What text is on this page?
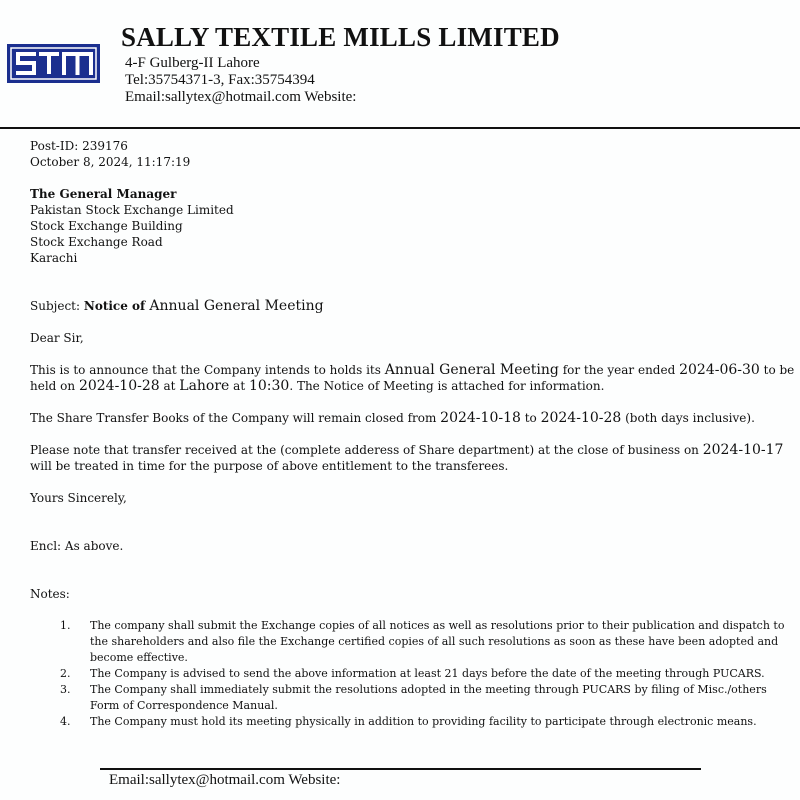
SALLY TEXTILE MILLS LIMITED
4-F Gulberg-II Lahore
Tel:35754371-3, Fax:35754394
Email:sallytex@hotmail.com Website:

Post-ID: 239176

October 8, 2024, 11:17:19

The General Manager

Pakistan Stock Exchange Limited

Stock Exchange Building

Stock Exchange Road

Karachi

Subject: Notice of Annual General Meeting

Dear Sir,

This is to announce that the Company intends to holds its Annual General Meeting for the year ended 2024-06-30 to be held on 2024-10-28 at Lahore at 10:30. The Notice of Meeting is attached for information.

The Share Transfer Books of the Company will remain closed from 2024-10-18 to 2024-10-28 (both days inclusive).

Please note that transfer received at the (complete adderess of Share department) at the close of business on 2024-10-17 will be treated in time for the purpose of above entitlement to the transferees.

Yours Sincerely,

Encl: As above.

Notes:

1. The company shall submit the Exchange copies of all notices as well as resolutions prior to their publication and dispatch to the shareholders and also file the Exchange certified copies of all such resolutions as soon as these have been adopted and become effective.
2. The Company is advised to send the above information at least 21 days before the date of the meeting through PUCARS.
3. The Company shall immediately submit the resolutions adopted in the meeting through PUCARS by filing of Misc./others Form of Correspondence Manual.
4. The Company must hold its meeting physically in addition to providing facility to participate through electronic means.
Email:sallytex@hotmail.com Website:
